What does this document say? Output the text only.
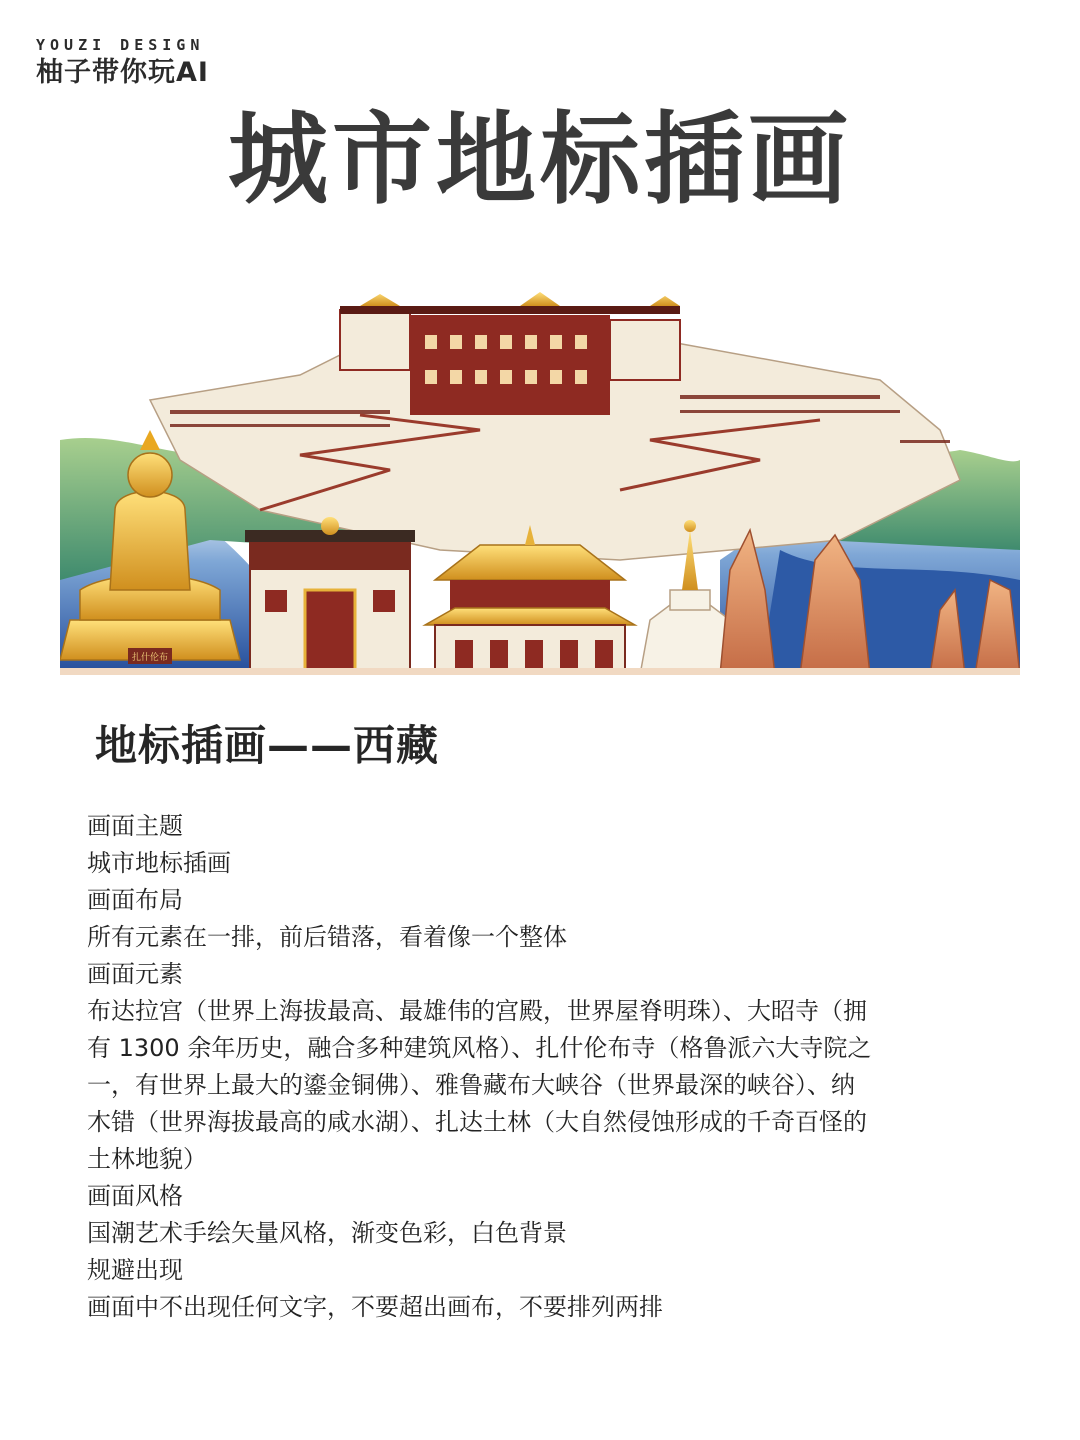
YOUZI DESIGN
柚子带你玩AI
城市地标插画
扎什伦布
地标插画——西藏
画面主题
城市地标插画
画面布局
所有元素在一排，前后错落，看着像一个整体
画面元素
布达拉宫（世界上海拔最高、最雄伟的宫殿，世界屋脊明珠）、大昭寺（拥
有 1300 余年历史，融合多种建筑风格）、扎什伦布寺（格鲁派六大寺院之
一，有世界上最大的鎏金铜佛）、雅鲁藏布大峡谷（世界最深的峡谷）、纳
木错（世界海拔最高的咸水湖）、扎达土林（大自然侵蚀形成的千奇百怪的
土林地貌）
画面风格
国潮艺术手绘矢量风格，渐变色彩，白色背景
规避出现
画面中不出现任何文字，不要超出画布，不要排列两排
